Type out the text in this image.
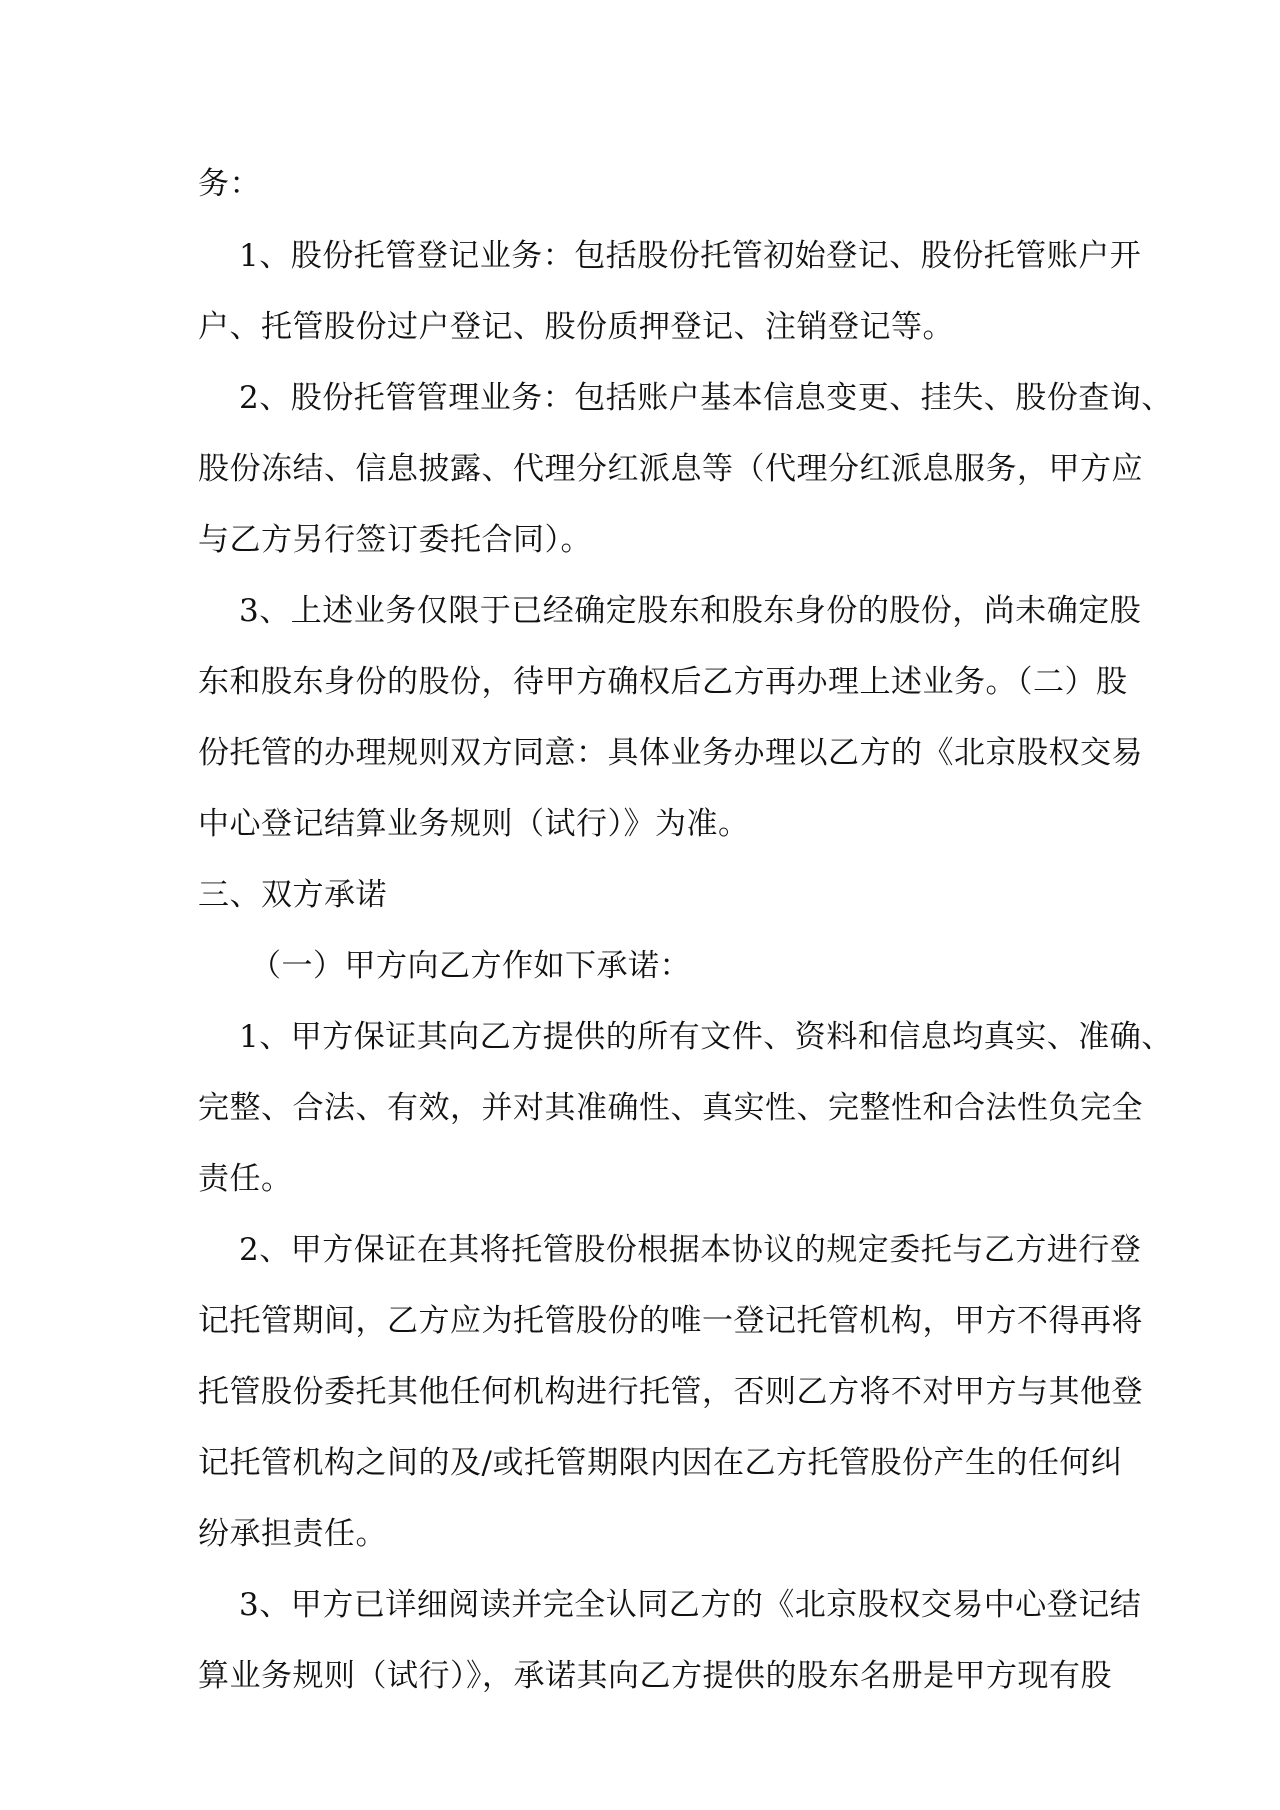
务：
1、股份托管登记业务：包括股份托管初始登记、股份托管账户开
户、托管股份过户登记、股份质押登记、注销登记等。
2、股份托管管理业务：包括账户基本信息变更、挂失、股份查询、
股份冻结、信息披露、代理分红派息等（代理分红派息服务，甲方应
与乙方另行签订委托合同）。
3、上述业务仅限于已经确定股东和股东身份的股份，尚未确定股
东和股东身份的股份，待甲方确权后乙方再办理上述业务。（二）股
份托管的办理规则双方同意：具体业务办理以乙方的《北京股权交易
中心登记结算业务规则（试行）》为准。
三、双方承诺
（一）甲方向乙方作如下承诺：
1、甲方保证其向乙方提供的所有文件、资料和信息均真实、准确、
完整、合法、有效，并对其准确性、真实性、完整性和合法性负完全
责任。
2、甲方保证在其将托管股份根据本协议的规定委托与乙方进行登
记托管期间，乙方应为托管股份的唯一登记托管机构，甲方不得再将
托管股份委托其他任何机构进行托管，否则乙方将不对甲方与其他登
记托管机构之间的及/或托管期限内因在乙方托管股份产生的任何纠
纷承担责任。
3、甲方已详细阅读并完全认同乙方的《北京股权交易中心登记结
算业务规则（试行）》，承诺其向乙方提供的股东名册是甲方现有股
